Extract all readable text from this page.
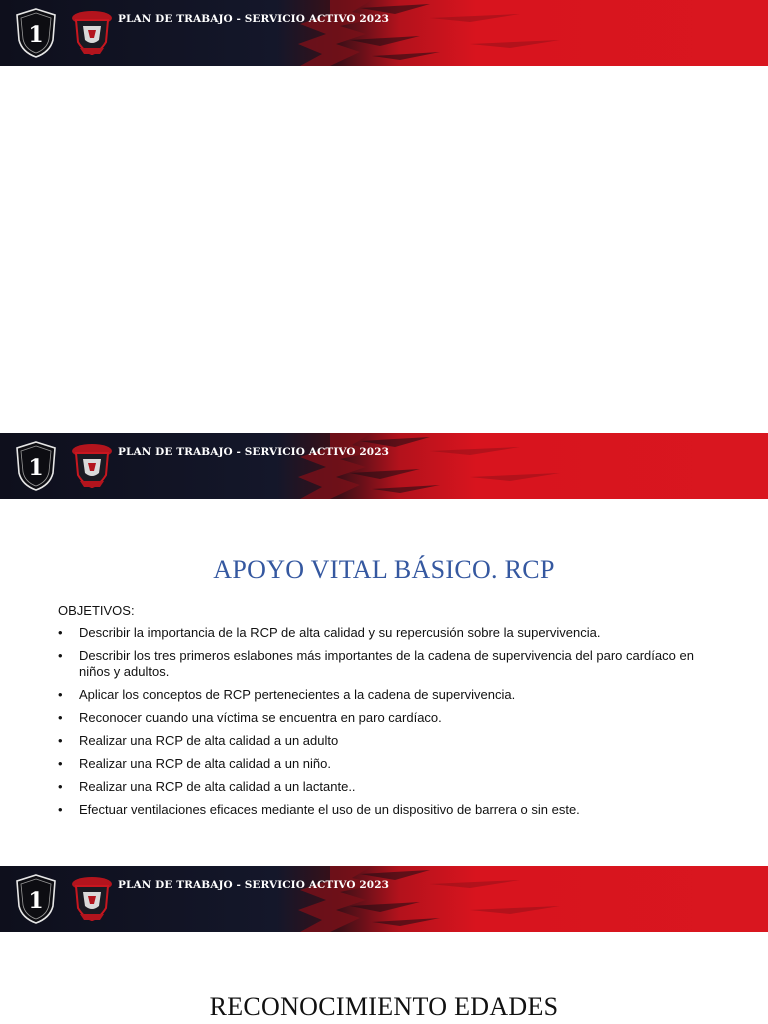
1
PLAN DE TRABAJO - SERVICIO ACTIVO 2023
1
PLAN DE TRABAJO - SERVICIO ACTIVO 2023
APOYO VITAL BÁSICO. RCP
OBJETIVOS:
• Describir la importancia de la RCP de alta calidad y su repercusión sobre la supervivencia.
• Describir los tres primeros eslabones más importantes de la cadena de supervivencia del paro cardíaco en niños y adultos.
• Aplicar los conceptos de RCP pertenecientes a la cadena de supervivencia.
• Reconocer cuando una víctima se encuentra en paro cardíaco.
• Realizar una RCP de alta calidad a un adulto
• Realizar una RCP de alta calidad a un niño.
• Realizar una RCP de alta calidad a un lactante..
• Efectuar ventilaciones eficaces mediante el uso de un dispositivo de barrera o sin este.
1
PLAN DE TRABAJO - SERVICIO ACTIVO 2023
RECONOCIMIENTO EDADES
